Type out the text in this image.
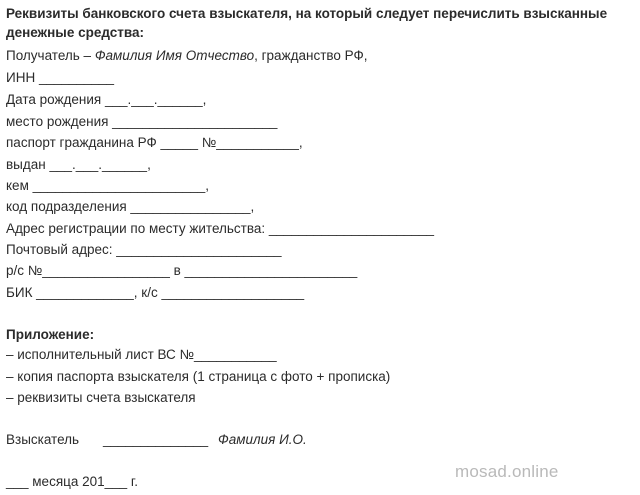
Реквизиты банковского счета взыскателя, на который следует перечислить взысканные
денежные средства:
Получатель – Фамилия Имя Отчество, гражданство РФ,
ИНН __________
Дата рождения ___.___.______,
место рождения ______________________
паспорт гражданина РФ _____ №___________,
выдан ___.___.______,
кем _______________________,
код подразделения ________________,
Адрес регистрации по месту жительства: ______________________
Почтовый адрес: ______________________
р/с №_________________ в _______________________
БИК _____________, к/с ___________________
Приложение:
– исполнительный лист ВС №___________
– копия паспорта взыскателя (1 страница с фото + прописка)
– реквизиты счета взыскателя
Взыскатель ______________ Фамилия И.О.
___ месяца 201___ г.
mosad.online
